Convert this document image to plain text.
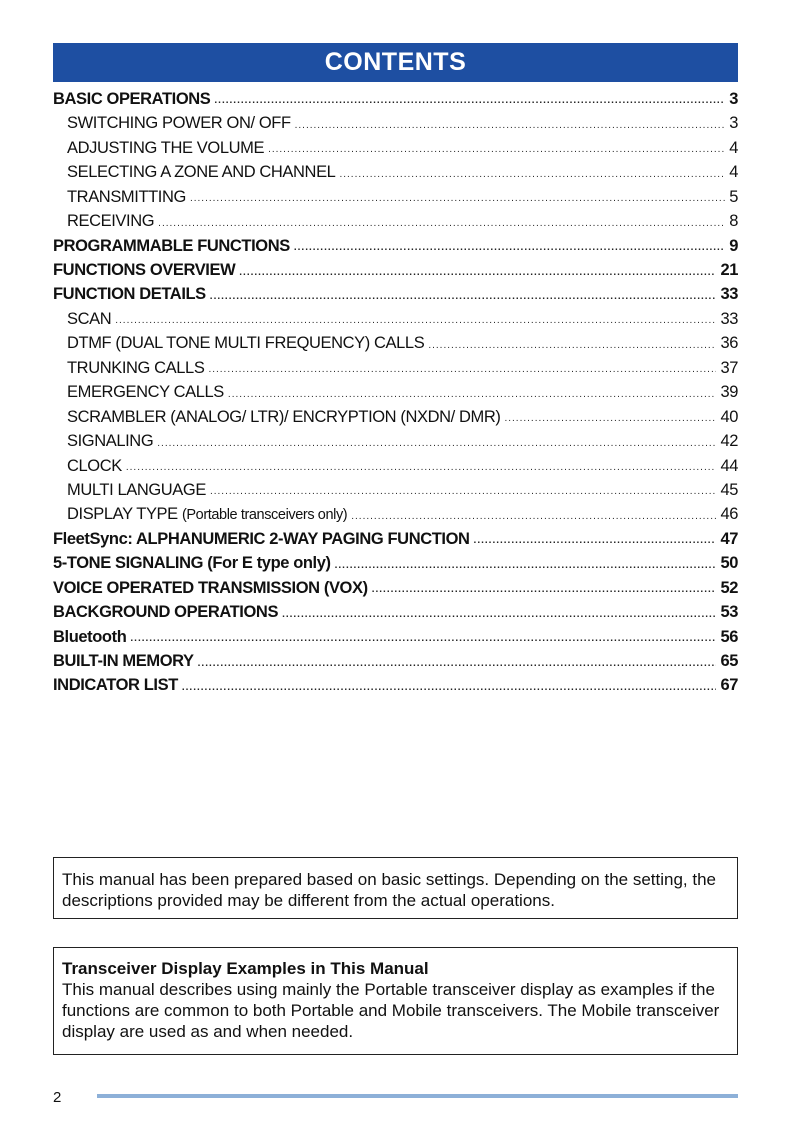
CONTENTS
BASIC OPERATIONS .....	3
SWITCHING POWER ON/ OFF .....	3
ADJUSTING THE VOLUME .....	4
SELECTING A ZONE AND CHANNEL .....	4
TRANSMITTING .....	5
RECEIVING .....	8
PROGRAMMABLE FUNCTIONS .....	9
FUNCTIONS OVERVIEW .....	21
FUNCTION DETAILS .....	33
SCAN .....	33
DTMF (DUAL TONE MULTI FREQUENCY) CALLS .....	36
TRUNKING CALLS .....	37
EMERGENCY CALLS .....	39
SCRAMBLER (ANALOG/ LTR)/ ENCRYPTION (NXDN/ DMR) .....	40
SIGNALING .....	42
CLOCK .....	44
MULTI LANGUAGE .....	45
DISPLAY TYPE (Portable transceivers only) .....	46
FleetSync: ALPHANUMERIC 2-WAY PAGING FUNCTION .....	47
5-TONE SIGNALING (For E type only) .....	50
VOICE OPERATED TRANSMISSION (VOX) .....	52
BACKGROUND OPERATIONS .....	53
Bluetooth .....	56
BUILT-IN MEMORY .....	65
INDICATOR LIST .....	67
This manual has been prepared based on basic settings. Depending on the setting, the descriptions provided may be different from the actual operations.
Transceiver Display Examples in This Manual
This manual describes using mainly the Portable transceiver display as examples if the functions are common to both Portable and Mobile transceivers. The Mobile transceiver display are used as and when needed.
2
